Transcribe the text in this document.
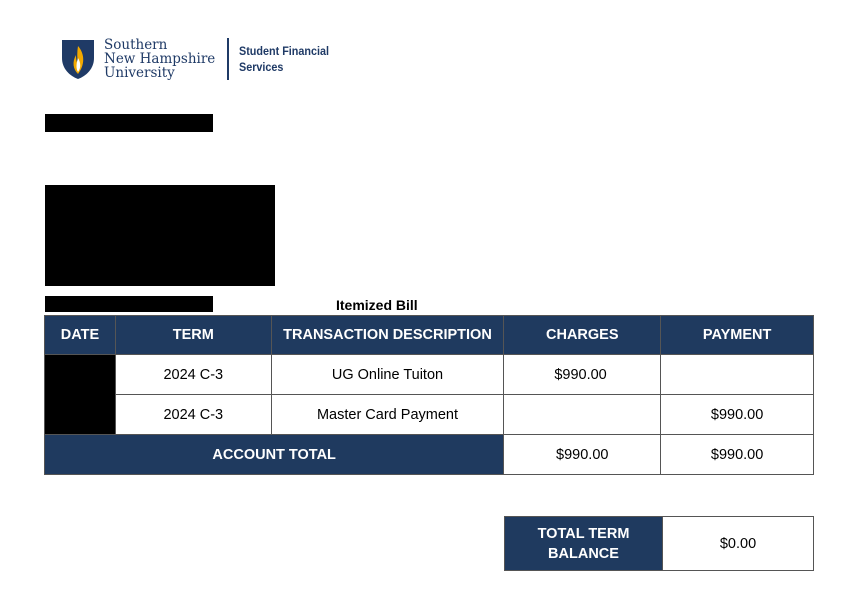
Southern
New Hampshire
University
Student Financial
Services
Itemized Bill
DATE	TERM	TRANSACTION DESCRIPTION	CHARGES	PAYMENT
	2024 C-3	UG Online Tuiton	$990.00	
	2024 C-3	Master Card Payment		$990.00
ACCOUNT TOTAL			$990.00	$990.00
TOTAL TERM
BALANCE
	$0.00
